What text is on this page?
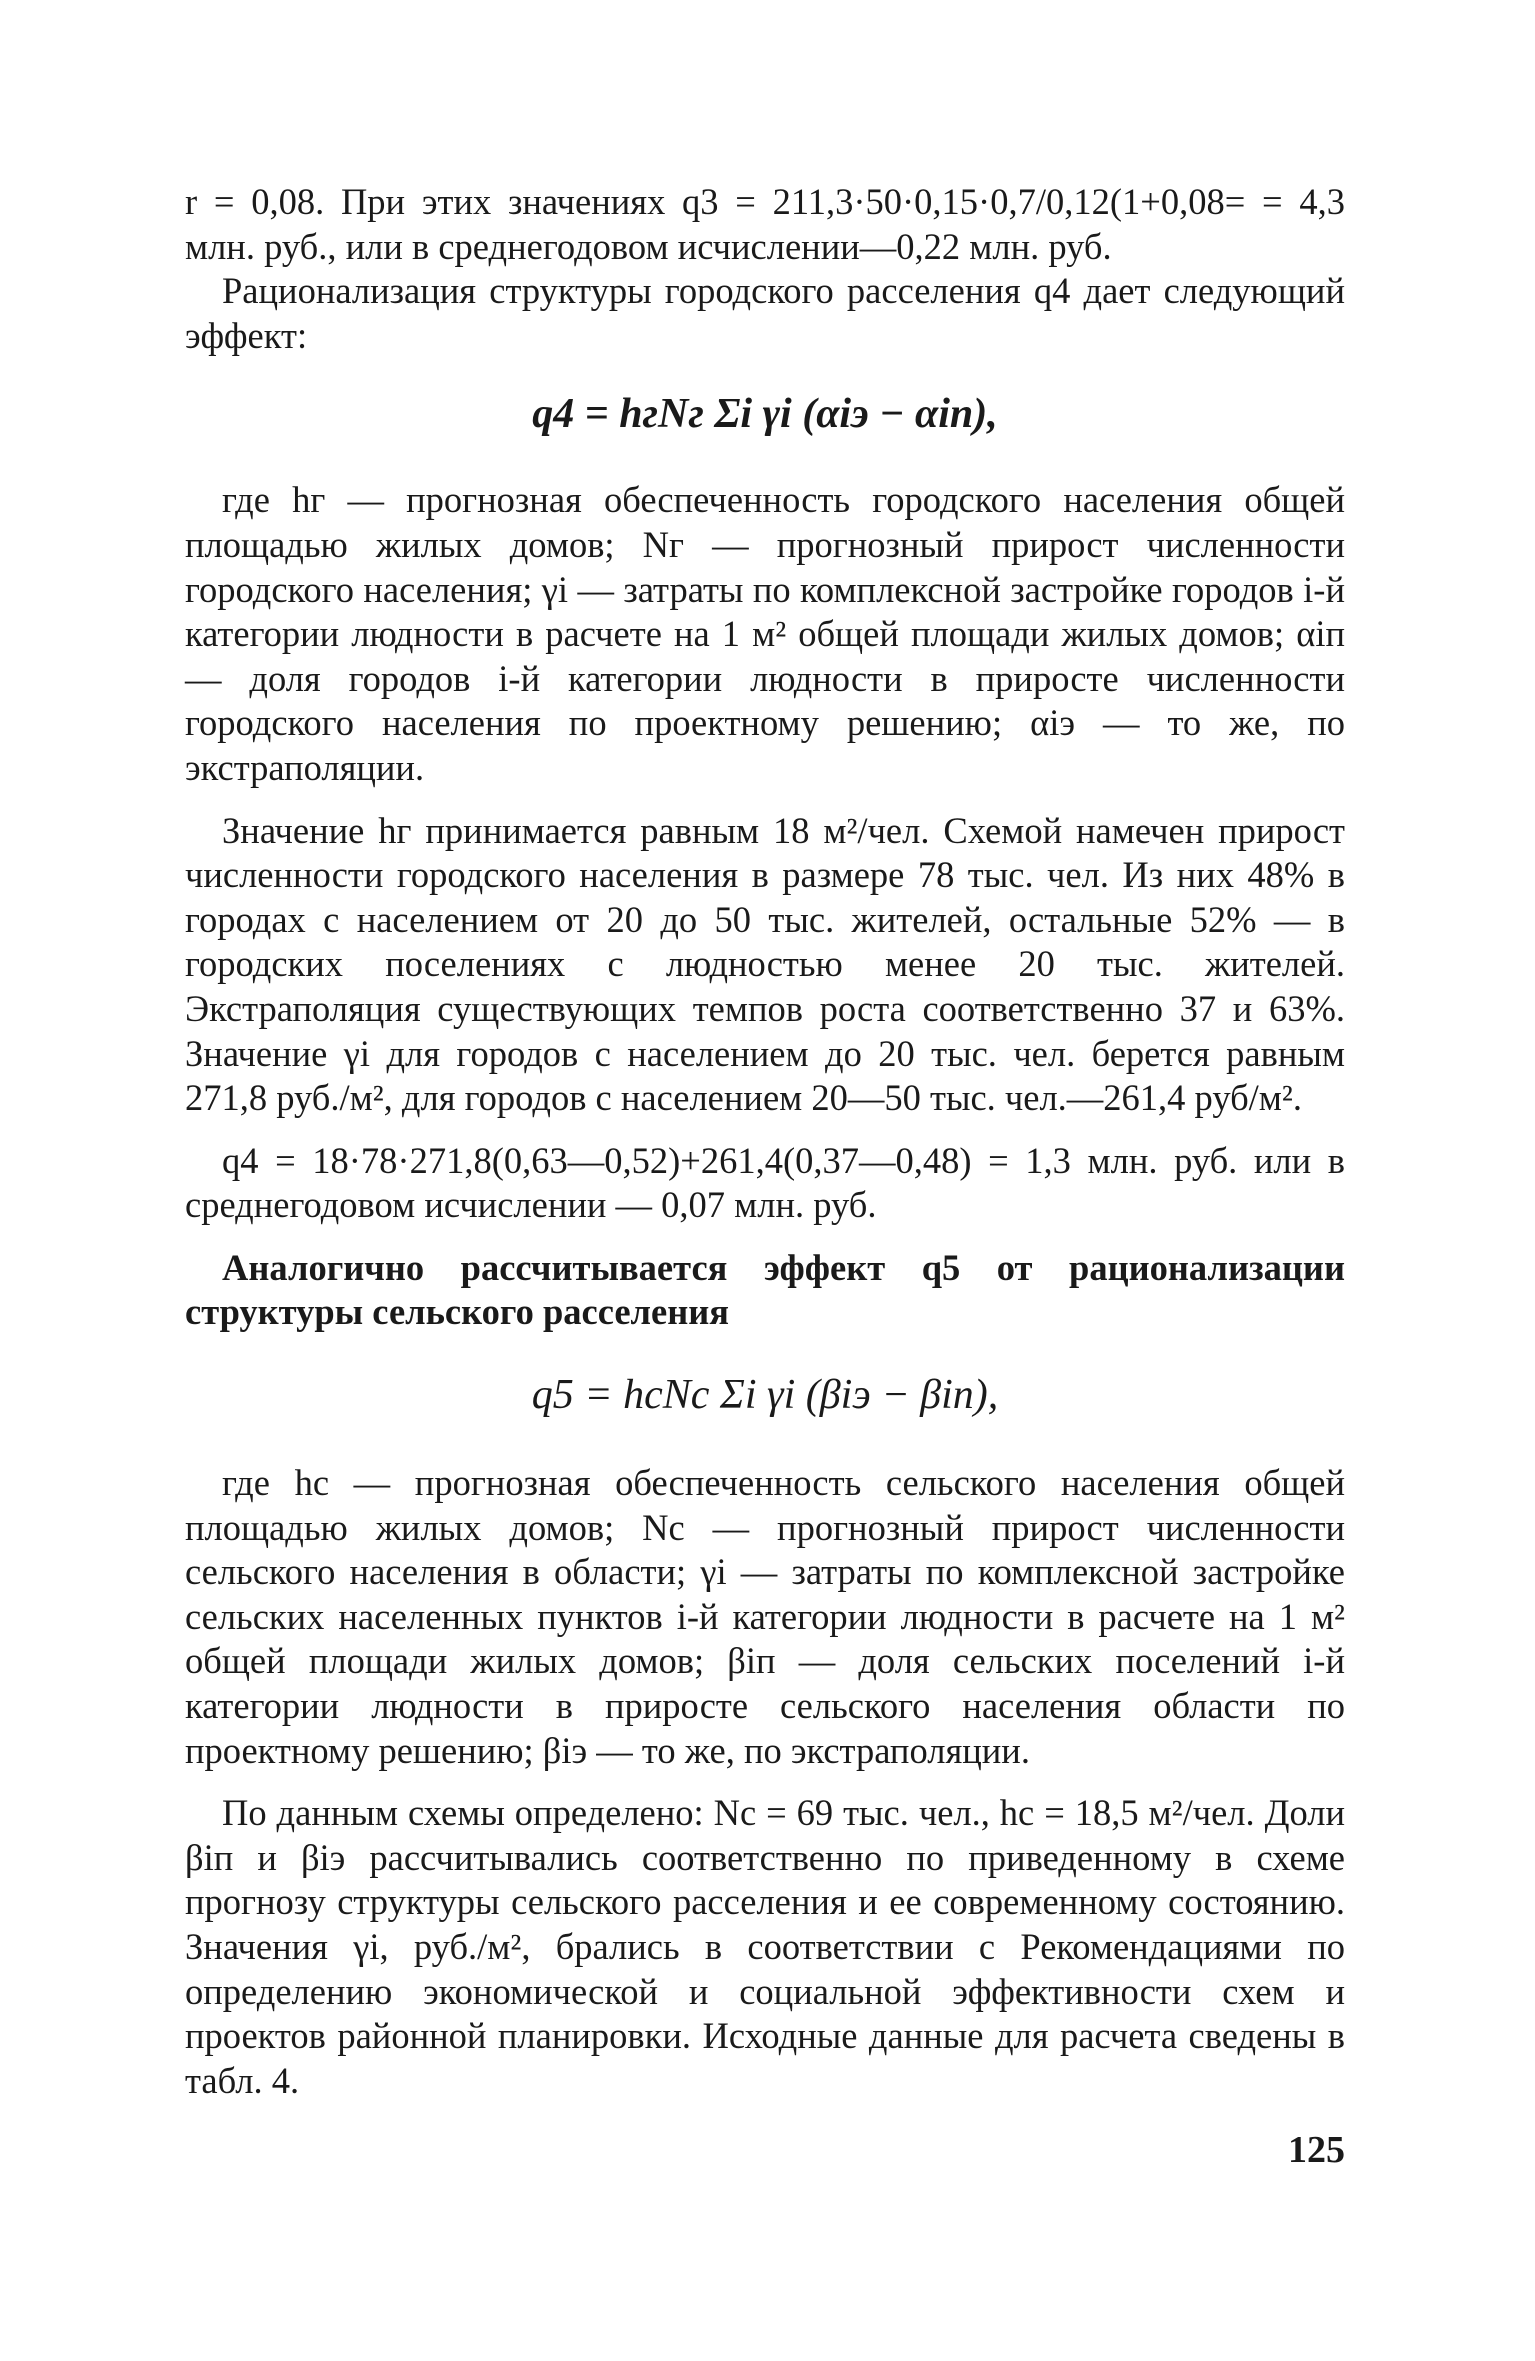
r = 0,08. При этих значениях q3 = 211,3·50·0,15·0,7/0,12(1+0,08= = 4,3 млн. руб., или в среднегодовом исчислении—0,22 млн. руб.

Рационализация структуры городского расселения q4 дает следующий эффект:

q4 = hгNг Σi γi (αiэ − αiп),

где hг — прогнозная обеспеченность городского населения общей площадью жилых домов; Nг — прогнозный прирост численности городского населения; γi — затраты по комплексной застройке городов i-й категории людности в расчете на 1 м² общей площади жилых домов; αiп — доля городов i-й категории людности в приросте численности городского населения по проектному решению; αiэ — то же, по экстраполяции.

Значение hг принимается равным 18 м²/чел. Схемой намечен прирост численности городского населения в размере 78 тыс. чел. Из них 48% в городах с населением от 20 до 50 тыс. жителей, остальные 52% — в городских поселениях с людностью менее 20 тыс. жителей. Экстраполяция существующих темпов роста соответственно 37 и 63%. Значение γi для городов с населением до 20 тыс. чел. берется равным 271,8 руб./м², для городов с населением 20—50 тыс. чел.—261,4 руб/м².

q4 = 18·78·271,8(0,63—0,52)+261,4(0,37—0,48) = 1,3 млн. руб. или в среднегодовом исчислении — 0,07 млн. руб.

Аналогично рассчитывается эффект q5 от рационализации структуры сельского расселения

q5 = hcNc Σi γi (βiэ − βiп),

где hc — прогнозная обеспеченность сельского населения общей площадью жилых домов; Nc — прогнозный прирост численности сельского населения в области; γi — затраты по комплексной застройке сельских населенных пунктов i-й категории людности в расчете на 1 м² общей площади жилых домов; βiп — доля сельских поселений i-й категории людности в приросте сельского населения области по проектному решению; βiэ — то же, по экстраполяции.

По данным схемы определено: Nc = 69 тыс. чел., hc = 18,5 м²/чел. Доли βiп и βiэ рассчитывались соответственно по приведенному в схеме прогнозу структуры сельского расселения и ее современному состоянию. Значения γi, руб./м², брались в соответствии с Рекомендациями по определению экономической и социальной эффективности схем и проектов районной планировки. Исходные данные для расчета сведены в табл. 4.

125
